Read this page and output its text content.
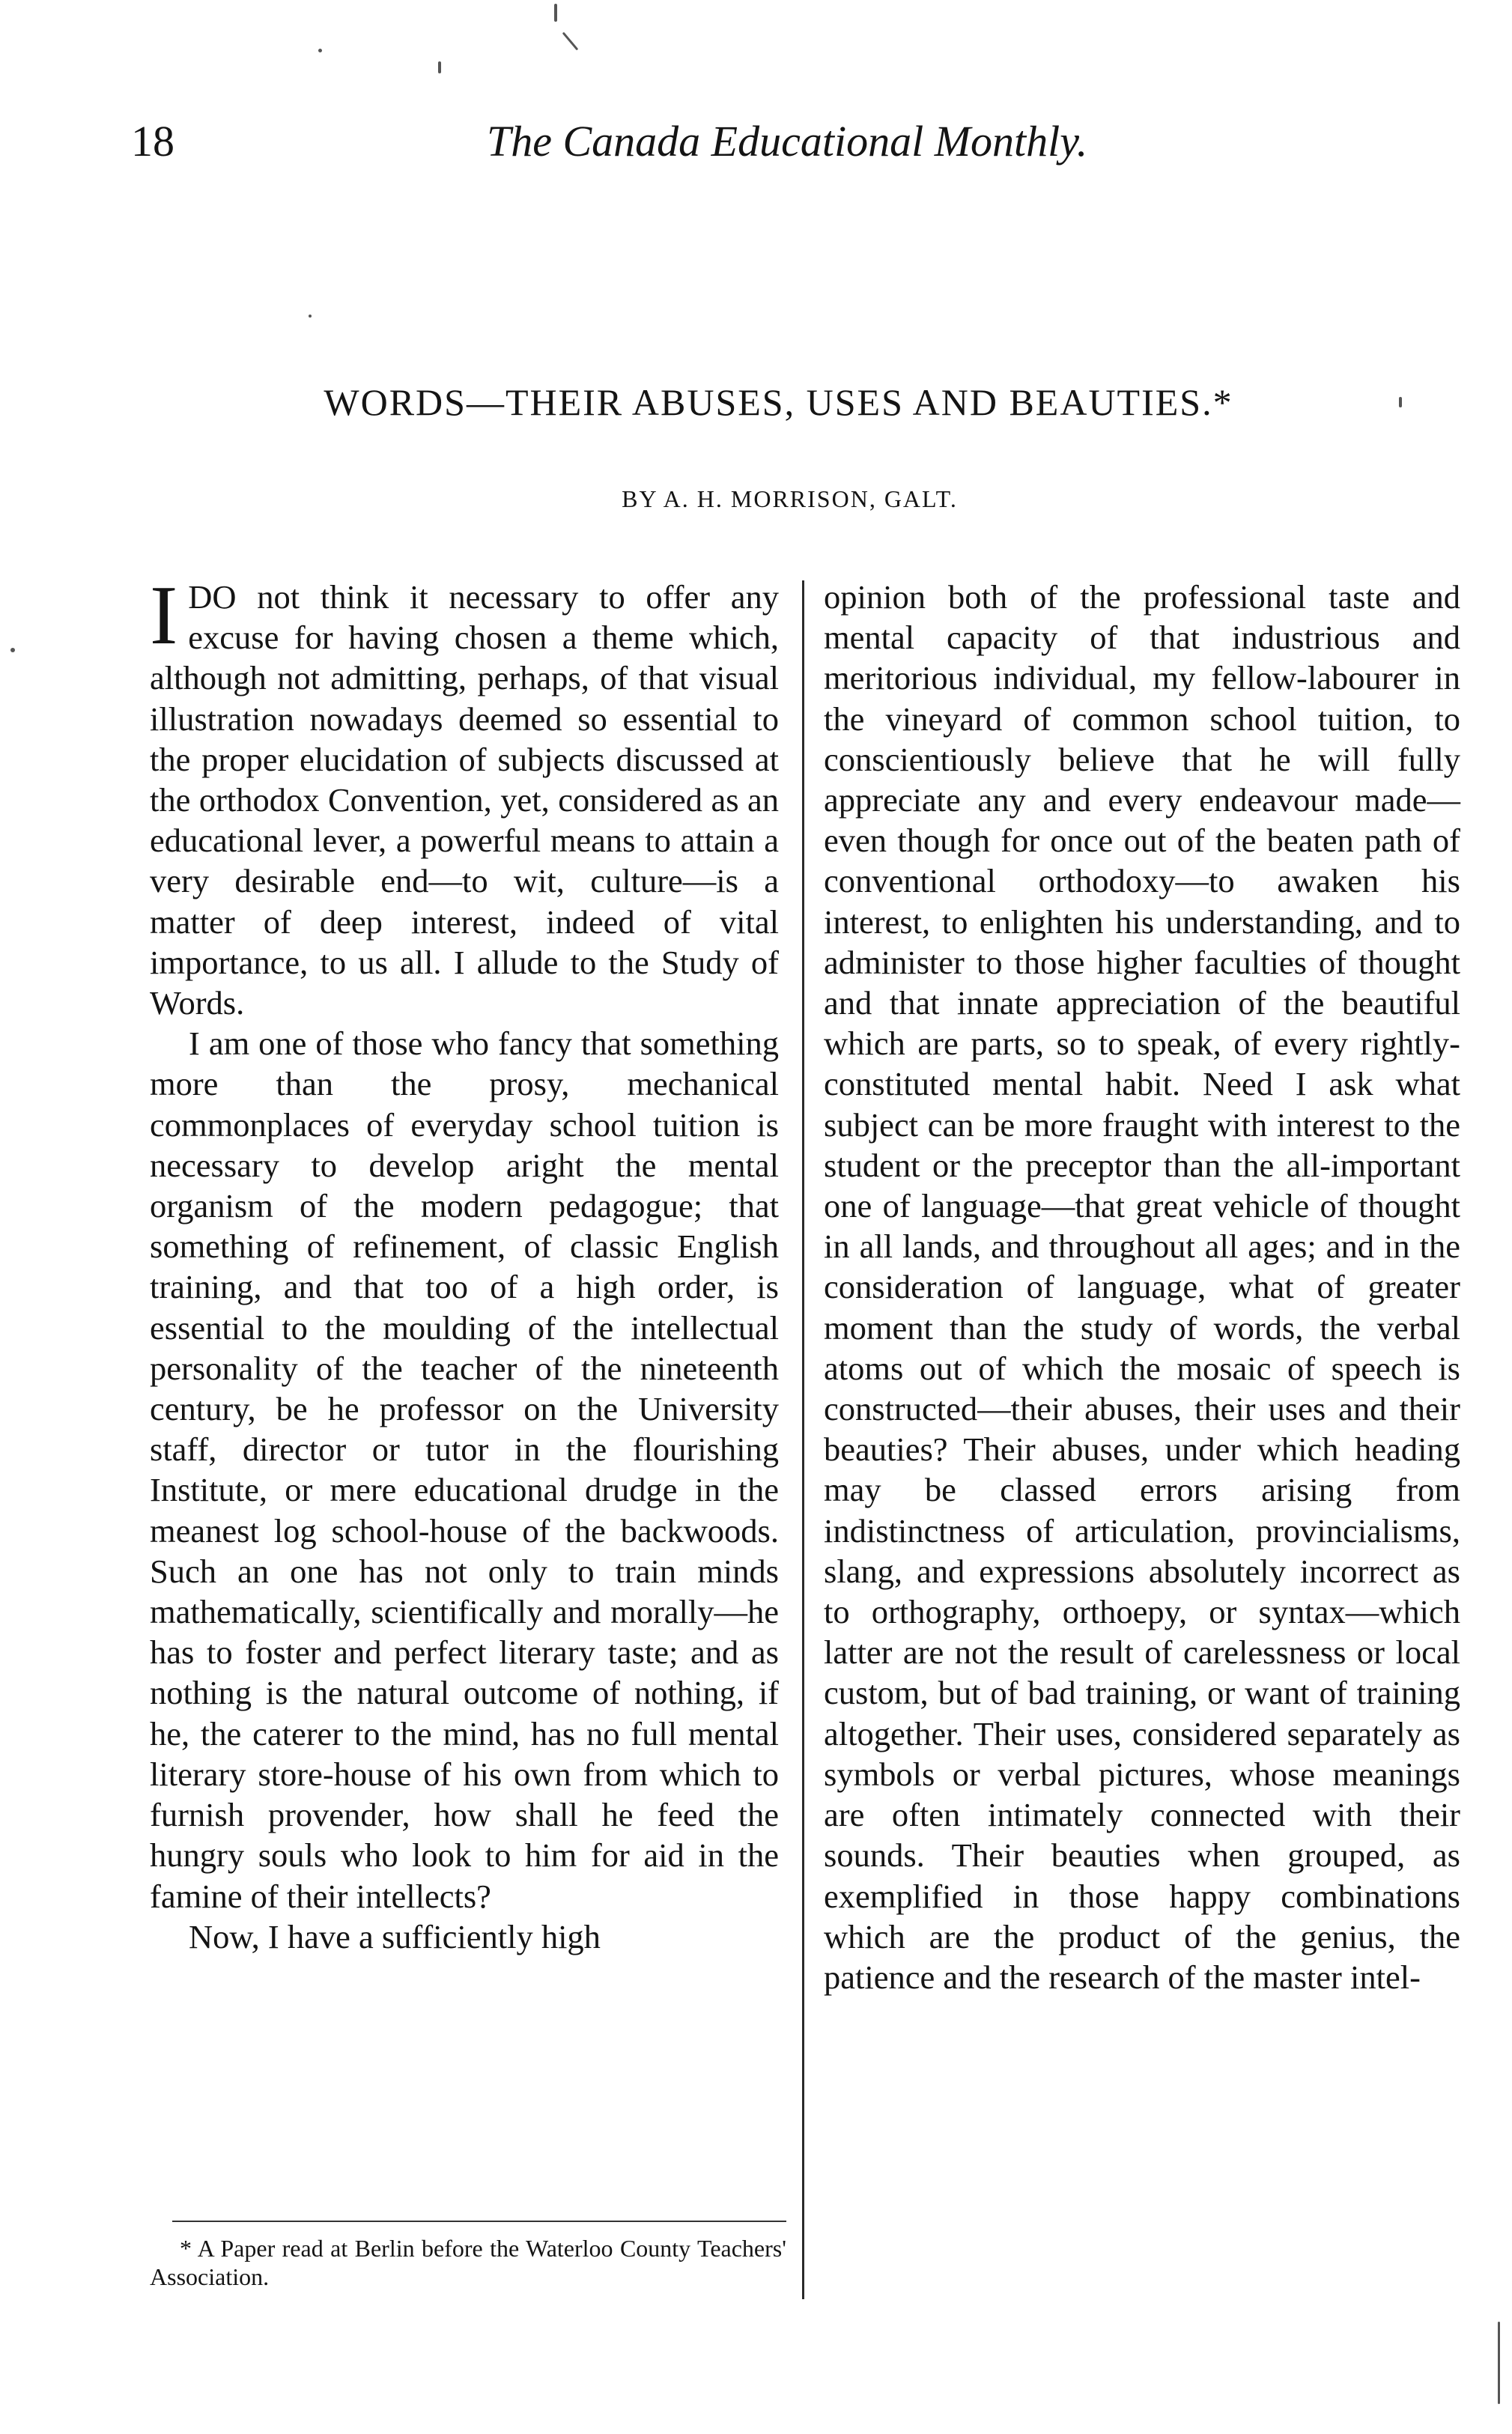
18	The Canada Educational Monthly.
WORDS—THEIR ABUSES, USES AND BEAUTIES.*
BY A. H. MORRISON, GALT.

I DO not think it necessary to offer any excuse for having chosen a theme which, although not admitting, perhaps, of that visual illustration nowadays deemed so essential to the proper elucidation of subjects discussed at the orthodox Convention, yet, considered as an educational lever, a powerful means to attain a very desirable end—to wit, culture—is a matter of deep interest, indeed of vital importance, to us all. I allude to the Study of Words.

I am one of those who fancy that something more than the prosy, mechanical commonplaces of everyday school tuition is necessary to develop aright the mental organism of the modern pedagogue; that something of refinement, of classic English training, and that too of a high order, is essential to the moulding of the intellectual personality of the teacher of the nineteenth century, be he professor on the University staff, director or tutor in the flourishing Institute, or mere educational drudge in the meanest log school-house of the backwoods. Such an one has not only to train minds mathematically, scientifically and morally—he has to foster and perfect literary taste; and as nothing is the natural outcome of nothing, if he, the caterer to the mind, has no full mental literary store-house of his own from which to furnish provender, how shall he feed the hungry souls who look to him for aid in the famine of their intellects?

Now, I have a sufficiently high

opinion both of the professional taste and mental capacity of that industrious and meritorious individual, my fellow-labourer in the vineyard of common school tuition, to conscientiously believe that he will fully appreciate any and every endeavour made—even though for once out of the beaten path of conventional orthodoxy—to awaken his interest, to enlighten his understanding, and to administer to those higher faculties of thought and that innate appreciation of the beautiful which are parts, so to speak, of every rightly-constituted mental habit. Need I ask what subject can be more fraught with interest to the student or the preceptor than the all-important one of language—that great vehicle of thought in all lands, and throughout all ages; and in the consideration of language, what of greater moment than the study of words, the verbal atoms out of which the mosaic of speech is constructed—their abuses, their uses and their beauties? Their abuses, under which heading may be classed errors arising from indistinctness of articulation, provincialisms, slang, and expressions absolutely incorrect as to orthography, orthoepy, or syntax—which latter are not the result of carelessness or local custom, but of bad training, or want of training altogether. Their uses, considered separately as symbols or verbal pictures, whose meanings are often intimately connected with their sounds. Their beauties when grouped, as exemplified in those happy combinations which are the product of the genius, the patience and the research of the master intel-

* A Paper read at Berlin before the Waterloo County Teachers' Association.
